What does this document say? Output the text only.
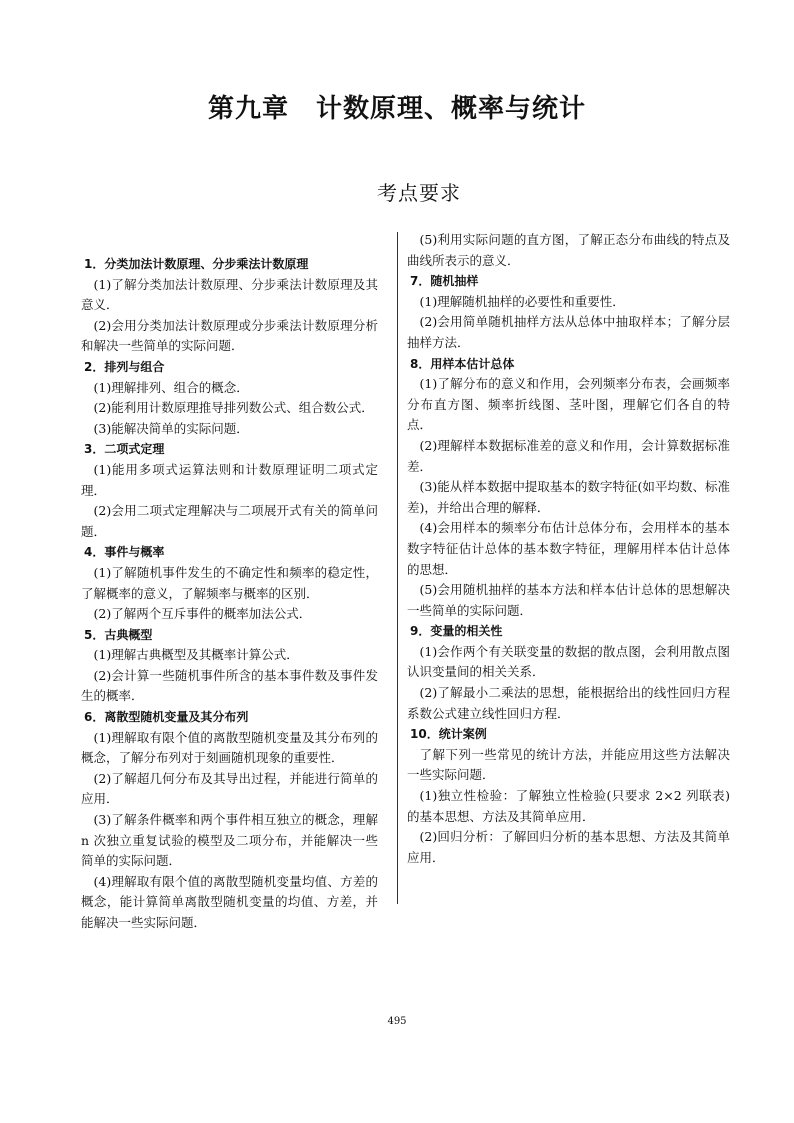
第九章　计数原理、概率与统计
考点要求
1．分类加法计数原理、分步乘法计数原理
(1)了解分类加法计数原理、分步乘法计数原理及其意义．
(2)会用分类加法计数原理或分步乘法计数原理分析和解决一些简单的实际问题．
2．排列与组合
(1)理解排列、组合的概念．
(2)能利用计数原理推导排列数公式、组合数公式．
(3)能解决简单的实际问题．
3．二项式定理
(1)能用多项式运算法则和计数原理证明二项式定理．
(2)会用二项式定理解决与二项展开式有关的简单问题．
4．事件与概率
(1)了解随机事件发生的不确定性和频率的稳定性，了解概率的意义，了解频率与概率的区别．
(2)了解两个互斥事件的概率加法公式．
5．古典概型
(1)理解古典概型及其概率计算公式．
(2)会计算一些随机事件所含的基本事件数及事件发生的概率．
6．离散型随机变量及其分布列
(1)理解取有限个值的离散型随机变量及其分布列的概念，了解分布列对于刻画随机现象的重要性．
(2)了解超几何分布及其导出过程，并能进行简单的应用．
(3)了解条件概率和两个事件相互独立的概念，理解 n 次独立重复试验的模型及二项分布，并能解决一些简单的实际问题．
(4)理解取有限个值的离散型随机变量均值、方差的概念，能计算简单离散型随机变量的均值、方差，并能解决一些实际问题．
(5)利用实际问题的直方图，了解正态分布曲线的特点及曲线所表示的意义．
7．随机抽样
(1)理解随机抽样的必要性和重要性．
(2)会用简单随机抽样方法从总体中抽取样本；了解分层抽样方法．
8．用样本估计总体
(1)了解分布的意义和作用，会列频率分布表，会画频率分布直方图、频率折线图、茎叶图，理解它们各自的特点．
(2)理解样本数据标准差的意义和作用，会计算数据标准差．
(3)能从样本数据中提取基本的数字特征(如平均数、标准差)，并给出合理的解释．
(4)会用样本的频率分布估计总体分布，会用样本的基本数字特征估计总体的基本数字特征，理解用样本估计总体的思想．
(5)会用随机抽样的基本方法和样本估计总体的思想解决一些简单的实际问题．
9．变量的相关性
(1)会作两个有关联变量的数据的散点图，会利用散点图认识变量间的相关关系．
(2)了解最小二乘法的思想，能根据给出的线性回归方程系数公式建立线性回归方程．
10．统计案例
了解下列一些常见的统计方法，并能应用这些方法解决一些实际问题．
(1)独立性检验：了解独立性检验(只要求 2×2 列联表)的基本思想、方法及其简单应用．
(2)回归分析：了解回归分析的基本思想、方法及其简单应用．
495
